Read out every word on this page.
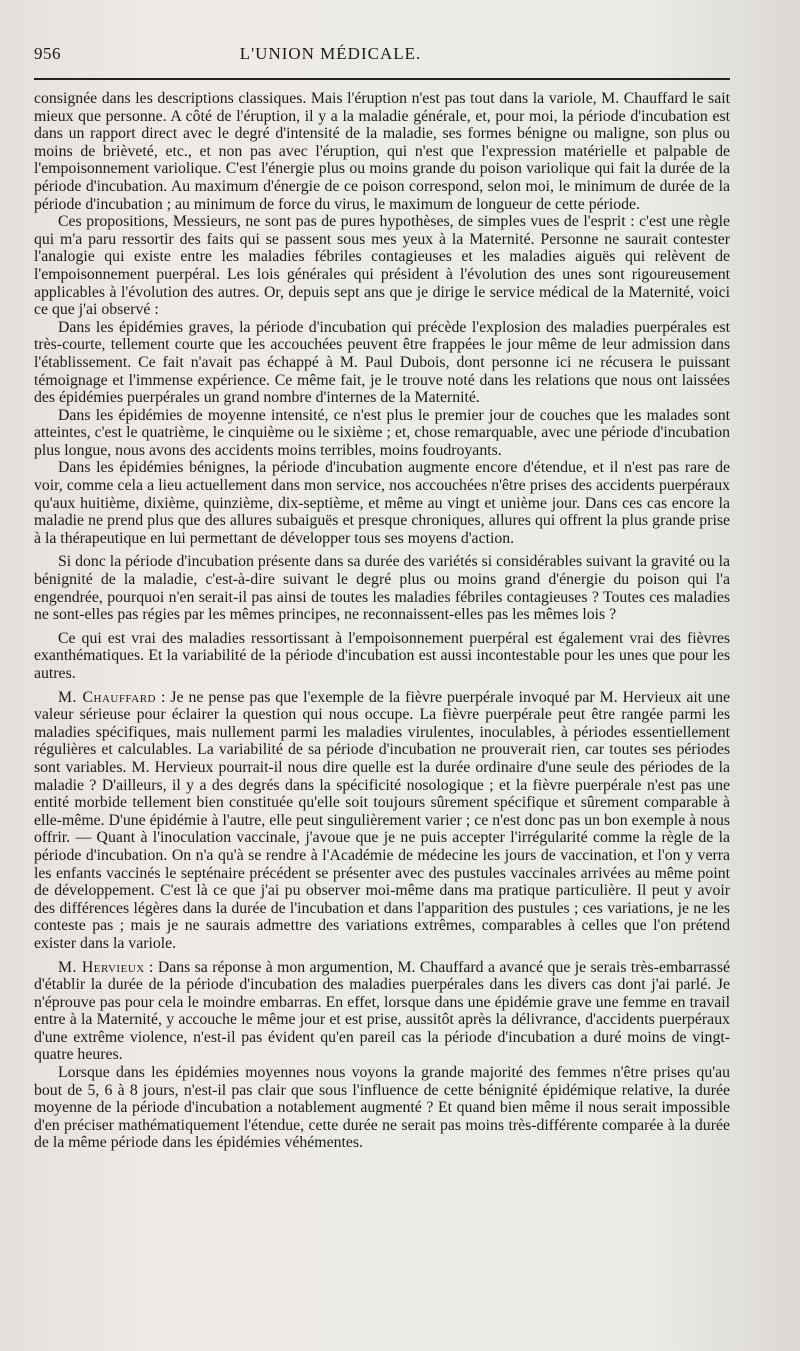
956	L'UNION MÉDICALE.

consignée dans les descriptions classiques. Mais l'éruption n'est pas tout dans la variole, M. Chauffard le sait mieux que personne. A côté de l'éruption, il y a la maladie générale, et, pour moi, la période d'incubation est dans un rapport direct avec le degré d'intensité de la maladie, ses formes bénigne ou maligne, son plus ou moins de brièveté, etc., et non pas avec l'éruption, qui n'est que l'expression matérielle et palpable de l'empoisonnement variolique. C'est l'énergie plus ou moins grande du poison variolique qui fait la durée de la période d'incubation. Au maximum d'énergie de ce poison correspond, selon moi, le minimum de durée de la période d'incubation ; au minimum de force du virus, le maximum de longueur de cette période.

Ces propositions, Messieurs, ne sont pas de pures hypothèses, de simples vues de l'esprit : c'est une règle qui m'a paru ressortir des faits qui se passent sous mes yeux à la Maternité. Personne ne saurait contester l'analogie qui existe entre les maladies fébriles contagieuses et les maladies aiguës qui relèvent de l'empoisonnement puerpéral. Les lois générales qui président à l'évolution des unes sont rigoureusement applicables à l'évolution des autres. Or, depuis sept ans que je dirige le service médical de la Maternité, voici ce que j'ai observé :

Dans les épidémies graves, la période d'incubation qui précède l'explosion des maladies puerpérales est très-courte, tellement courte que les accouchées peuvent être frappées le jour même de leur admission dans l'établissement. Ce fait n'avait pas échappé à M. Paul Dubois, dont personne ici ne récusera le puissant témoignage et l'immense expérience. Ce même fait, je le trouve noté dans les relations que nous ont laissées des épidémies puerpérales un grand nombre d'internes de la Maternité.

Dans les épidémies de moyenne intensité, ce n'est plus le premier jour de couches que les malades sont atteintes, c'est le quatrième, le cinquième ou le sixième ; et, chose remarquable, avec une période d'incubation plus longue, nous avons des accidents moins terribles, moins foudroyants.

Dans les épidémies bénignes, la période d'incubation augmente encore d'étendue, et il n'est pas rare de voir, comme cela a lieu actuellement dans mon service, nos accouchées n'être prises des accidents puerpéraux qu'aux huitième, dixième, quinzième, dix-septième, et même au vingt et unième jour. Dans ces cas encore la maladie ne prend plus que des allures subaiguës et presque chroniques, allures qui offrent la plus grande prise à la thérapeutique en lui permettant de développer tous ses moyens d'action.

Si donc la période d'incubation présente dans sa durée des variétés si considérables suivant la gravité ou la bénignité de la maladie, c'est-à-dire suivant le degré plus ou moins grand d'énergie du poison qui l'a engendrée, pourquoi n'en serait-il pas ainsi de toutes les maladies fébriles contagieuses ? Toutes ces maladies ne sont-elles pas régies par les mêmes principes, ne reconnaissent-elles pas les mêmes lois ?

Ce qui est vrai des maladies ressortissant à l'empoisonnement puerpéral est également vrai des fièvres exanthématiques. Et la variabilité de la période d'incubation est aussi incontestable pour les unes que pour les autres.

M. Chauffard : Je ne pense pas que l'exemple de la fièvre puerpérale invoqué par M. Hervieux ait une valeur sérieuse pour éclairer la question qui nous occupe. La fièvre puerpérale peut être rangée parmi les maladies spécifiques, mais nullement parmi les maladies virulentes, inoculables, à périodes essentiellement régulières et calculables. La variabilité de sa période d'incubation ne prouverait rien, car toutes ses périodes sont variables. M. Hervieux pourrait-il nous dire quelle est la durée ordinaire d'une seule des périodes de la maladie ? D'ailleurs, il y a des degrés dans la spécificité nosologique ; et la fièvre puerpérale n'est pas une entité morbide tellement bien constituée qu'elle soit toujours sûrement spécifique et sûrement comparable à elle-même. D'une épidémie à l'autre, elle peut singulièrement varier ; ce n'est donc pas un bon exemple à nous offrir. — Quant à l'inoculation vaccinale, j'avoue que je ne puis accepter l'irrégularité comme la règle de la période d'incubation. On n'a qu'à se rendre à l'Académie de médecine les jours de vaccination, et l'on y verra les enfants vaccinés le septénaire précédent se présenter avec des pustules vaccinales arrivées au même point de développement. C'est là ce que j'ai pu observer moi-même dans ma pratique particulière. Il peut y avoir des différences légères dans la durée de l'incubation et dans l'apparition des pustules ; ces variations, je ne les conteste pas ; mais je ne saurais admettre des variations extrêmes, comparables à celles que l'on prétend exister dans la variole.

M. Hervieux : Dans sa réponse à mon argumention, M. Chauffard a avancé que je serais très-embarrassé d'établir la durée de la période d'incubation des maladies puerpérales dans les divers cas dont j'ai parlé. Je n'éprouve pas pour cela le moindre embarras. En effet, lorsque dans une épidémie grave une femme en travail entre à la Maternité, y accouche le même jour et est prise, aussitôt après la délivrance, d'accidents puerpéraux d'une extrême violence, n'est-il pas évident qu'en pareil cas la période d'incubation a duré moins de vingt-quatre heures.

Lorsque dans les épidémies moyennes nous voyons la grande majorité des femmes n'être prises qu'au bout de 5, 6 à 8 jours, n'est-il pas clair que sous l'influence de cette bénignité épidémique relative, la durée moyenne de la période d'incubation a notablement augmenté ? Et quand bien même il nous serait impossible d'en préciser mathématiquement l'étendue, cette durée ne serait pas moins très-différente comparée à la durée de la même période dans les épidémies véhémentes.
